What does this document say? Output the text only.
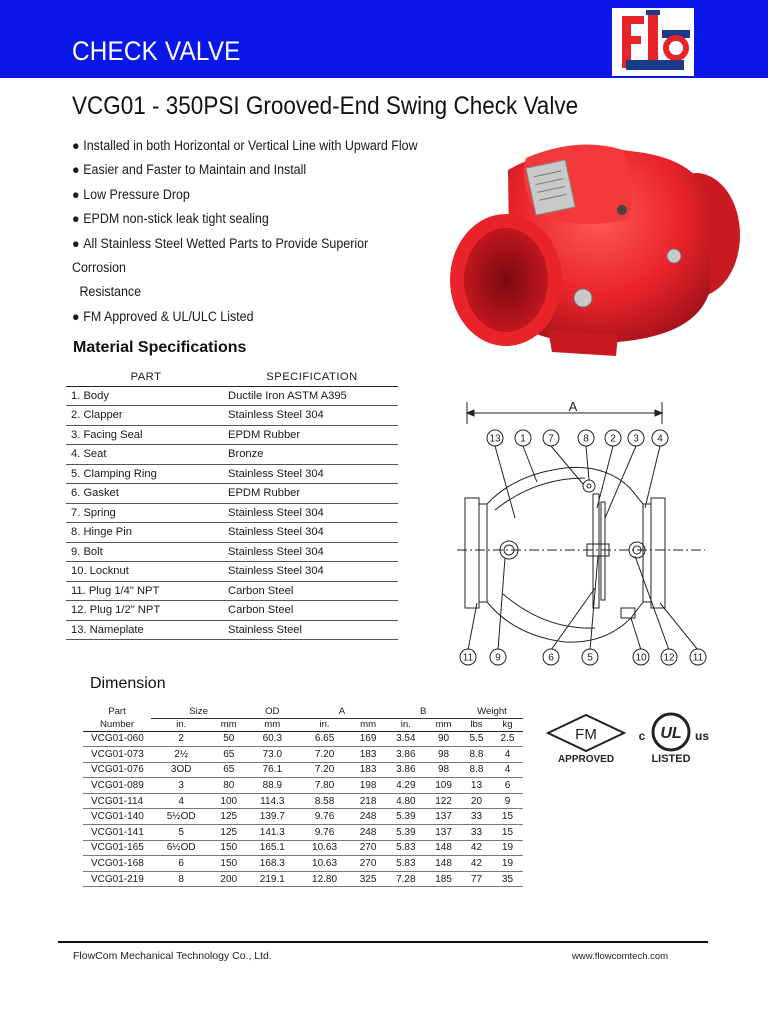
CHECK VALVE
VCG01 - 350PSI Grooved-End Swing Check Valve
● Installed in both Horizontal or Vertical Line with Upward Flow
● Easier and Faster to Maintain and Install
● Low Pressure Drop
● EPDM non-stick leak tight sealing
● All Stainless Steel Wetted Parts to Provide Superior Corrosion
Resistance
● FM Approved & UL/ULC Listed
Material Specifications
PART	SPECIFICATION
1. Body	Ductile Iron ASTM A395
2. Clapper	Stainless Steel 304
3. Facing Seal	EPDM Rubber
4. Seat	Bronze
5. Clamping Ring	Stainless Steel 304
6. Gasket	EPDM Rubber
7. Spring	Stainless Steel 304
8. Hinge Pin	Stainless Steel 304
9. Bolt	Stainless Steel 304
10. Locknut	Stainless Steel 304
11. Plug 1/4" NPT	Carbon Steel
12. Plug 1/2" NPT	Carbon Steel
13. Nameplate	Stainless Steel
A
13 1 7	8 2 3 4
11 9	6	5	10 12 11
Dimension
Part	Size		OD	A		B		Weight	
Number	in.	mm	mm	in.	mm	in.	mm	lbs	kg
VCG01-060	2	50	60.3	6.65	169	3.54	90	5.5	2.5
VCG01-073	2½	65	73.0	7.20	183	3.86	98	8.8	4
VCG01-076	3OD	65	76.1	7.20	183	3.86	98	8.8	4
VCG01-089	3	80	88.9	7.80	198	4.29	109	13	6
VCG01-114	4	100	114.3	8.58	218	4.80	122	20	9
VCG01-140	5½OD	125	139.7	9.76	248	5.39	137	33	15
VCG01-141	5	125	141.3	9.76	248	5.39	137	33	15
VCG01-165	6½OD	150	165.1	10.63	270	5.83	148	42	19
VCG01-168	6	150	168.3	10.63	270	5.83	148	42	19
VCG01-219	8	200	219.1	12.80	325	7.28	185	77	35
FM
APPROVED
UL
c	us
LISTED
FlowCom Mechanical Technology Co., Ltd.	www.flowcomtech.com
